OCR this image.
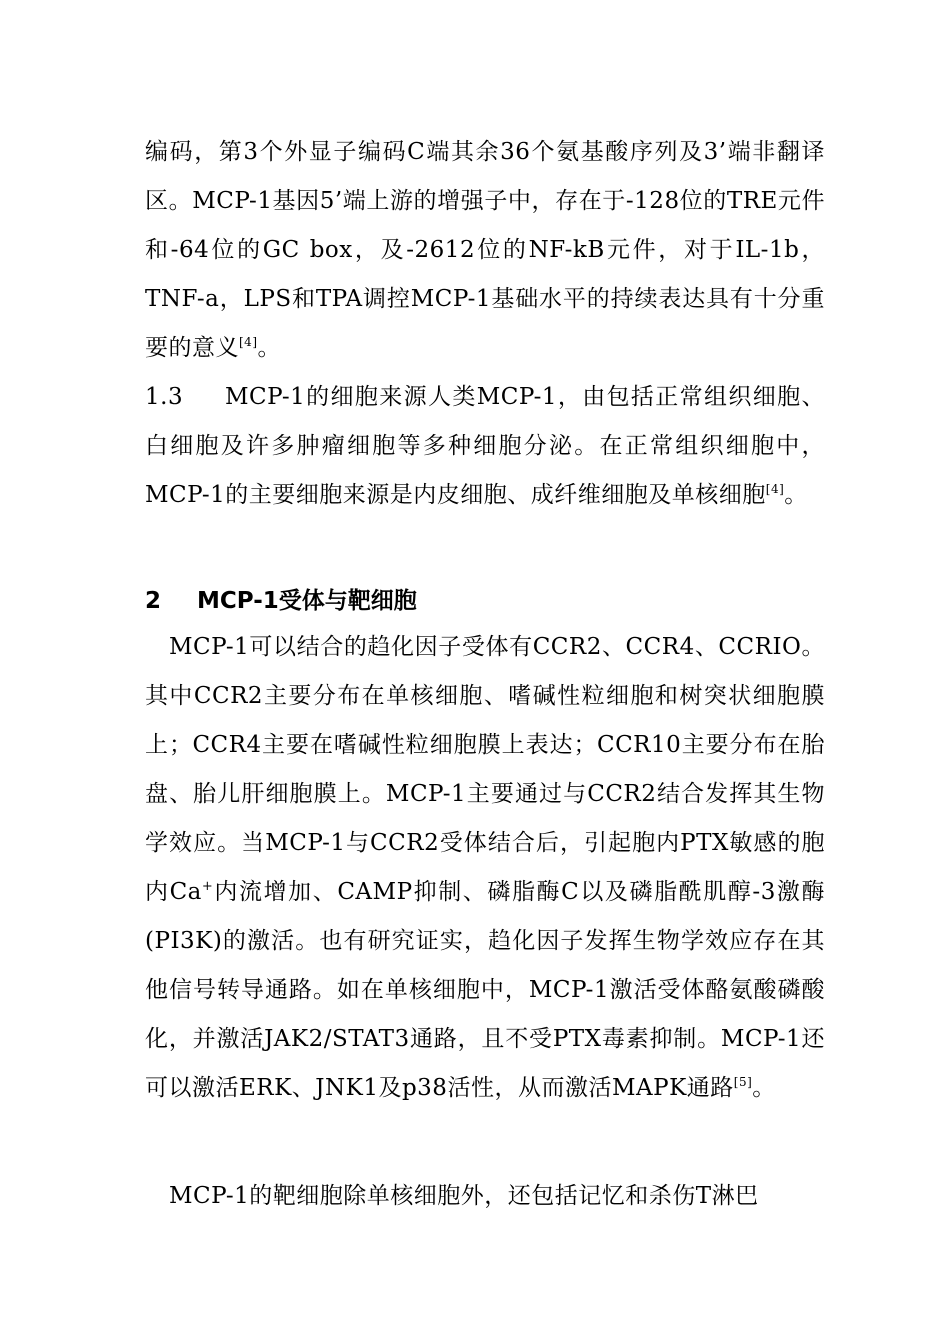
编码，第3个外显子编码C端其余36个氨基酸序列及3’端非翻译区。MCP-1基因5’端上游的增强子中，存在于-128位的TRE元件和-64位的GC box，及-2612位的NF-kB元件，对于IL-1b，TNF-a，LPS和TPA调控MCP-1基础水平的持续表达具有十分重要的意义[4]。

1.3 MCP-1的细胞来源人类MCP-1，由包括正常组织细胞、白细胞及许多肿瘤细胞等多种细胞分泌。在正常组织细胞中，MCP-1的主要细胞来源是内皮细胞、成纤维细胞及单核细胞[4]。

2 MCP-1受体与靶细胞

MCP-1可以结合的趋化因子受体有CCR2、CCR4、CCRIO。其中CCR2主要分布在单核细胞、嗜碱性粒细胞和树突状细胞膜上；CCR4主要在嗜碱性粒细胞膜上表达；CCR10主要分布在胎盘、胎儿肝细胞膜上。MCP-1主要通过与CCR2结合发挥其生物学效应。当MCP-1与CCR2受体结合后，引起胞内PTX敏感的胞内Ca+内流增加、CAMP抑制、磷脂酶C以及磷脂酰肌醇-3激酶(PI3K)的激活。也有研究证实，趋化因子发挥生物学效应存在其他信号转导通路。如在单核细胞中，MCP-1激活受体酪氨酸磷酸化，并激活JAK2/STAT3通路，且不受PTX毒素抑制。MCP-1还可以激活ERK、JNK1及p38活性，从而激活MAPK通路[5]。

MCP-1的靶细胞除单核细胞外，还包括记忆和杀伤T淋巴
